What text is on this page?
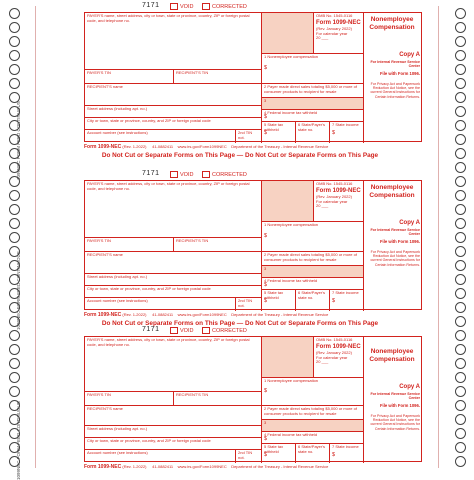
1099NEC FORM FEED CONTINUOUS
1099NEC FORM FEED CONTINUOUS
1099NEC FORM FEED CONTINUOUS
7171	VOID	CORRECTED
PAYER'S name, street address, city or town, state or province, country, ZIP or foreign postal code, and telephone no.
OMB No. 1545-0116
Form 1099-NEC
(Rev. January 2022)
For calendar year
20 ___
PAYER'S TIN	RECIPIENT'S TIN
1 Nonemployee compensation
$
RECIPIENT'S name	2 Payer made direct sales totaling $5,000 or more of consumer products to recipient for resale
Street address (including apt. no.)
3
4 Federal income tax withheld
$
City or town, state or province, country, and ZIP or foreign postal code
Account number (see instructions)	2nd TIN not.
5 State tax withheld
$
6 State/Payer's state no.
7 State income
$
Nonemployee
Compensation
Copy A
For Internal Revenue Service Center
File with Form 1096.
For Privacy Act and Paperwork Reduction Act Notice, see the current General Instructions for Certain Information Returns.
Form 1099-NEC (Rev. 1-2022) 41-0882411 www.irs.gov/Form1099NEC Department of the Treasury - Internal Revenue Service
Do Not Cut or Separate Forms on This Page — Do Not Cut or Separate Forms on This Page
7171	VOID	CORRECTED
PAYER'S name, street address, city or town, state or province, country, ZIP or foreign postal code, and telephone no.
OMB No. 1545-0116
Form 1099-NEC
(Rev. January 2022)
For calendar year
20 ___
PAYER'S TIN	RECIPIENT'S TIN
1 Nonemployee compensation
$
RECIPIENT'S name	2 Payer made direct sales totaling $5,000 or more of consumer products to recipient for resale
Street address (including apt. no.)
3
4 Federal income tax withheld
$
City or town, state or province, country, and ZIP or foreign postal code
Account number (see instructions)	2nd TIN not.
5 State tax withheld
$
6 State/Payer's state no.
7 State income
$
Nonemployee
Compensation
Copy A
For Internal Revenue Service Center
File with Form 1096.
For Privacy Act and Paperwork Reduction Act Notice, see the current General Instructions for Certain Information Returns.
Form 1099-NEC (Rev. 1-2022) 41-0882411 www.irs.gov/Form1099NEC Department of the Treasury - Internal Revenue Service
Do Not Cut or Separate Forms on This Page — Do Not Cut or Separate Forms on This Page
7171	VOID	CORRECTED
PAYER'S name, street address, city or town, state or province, country, ZIP or foreign postal code, and telephone no.
OMB No. 1545-0116
Form 1099-NEC
(Rev. January 2022)
For calendar year
20 ___
PAYER'S TIN	RECIPIENT'S TIN
1 Nonemployee compensation
$
RECIPIENT'S name	2 Payer made direct sales totaling $5,000 or more of consumer products to recipient for resale
Street address (including apt. no.)
3
4 Federal income tax withheld
$
City or town, state or province, country, and ZIP or foreign postal code
Account number (see instructions)	2nd TIN not.
5 State tax withheld
$
6 State/Payer's state no.
7 State income
$
Nonemployee
Compensation
Copy A
For Internal Revenue Service Center
File with Form 1096.
For Privacy Act and Paperwork Reduction Act Notice, see the current General Instructions for Certain Information Returns.
Form 1099-NEC (Rev. 1-2022) 41-0882411 www.irs.gov/Form1099NEC Department of the Treasury - Internal Revenue Service
